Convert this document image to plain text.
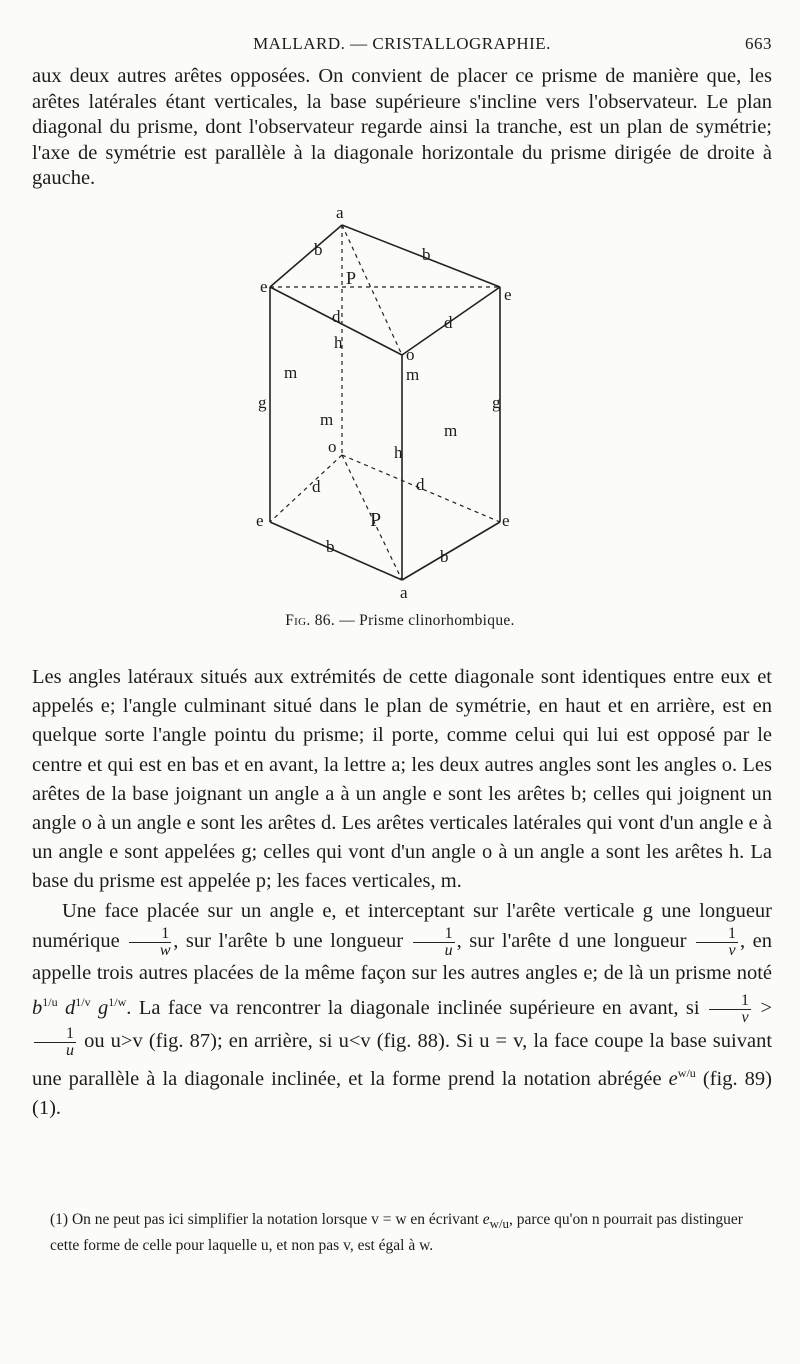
MALLARD. — CRISTALLOGRAPHIE.	663

aux deux autres arêtes opposées. On convient de placer ce prisme de manière que, les arêtes latérales étant verticales, la base supérieure s'incline vers l'observateur. Le plan diagonal du prisme, dont l'observateur regarde ainsi la tranche, est un plan de symétrie; l'axe de symétrie est parallèle à la diagonale horizontale du prisme dirigée de droite à gauche.

a
e	e
e	e
o
o
a
b	b
b
b
d	d
d	d
g	g
h
h
m	m
m
m
P
P
Fig. 86. — Prisme clinorhombique.

Les angles latéraux situés aux extrémités de cette diagonale sont identiques entre eux et appelés e; l'angle culminant situé dans le plan de symétrie, en haut et en arrière, est en quelque sorte l'angle pointu du prisme; il porte, comme celui qui lui est opposé par le centre et qui est en bas et en avant, la lettre a; les deux autres angles sont les angles o. Les arêtes de la base joignant un angle a à un angle e sont les arêtes b; celles qui joignent un angle o à un angle e sont les arêtes d. Les arêtes verticales latérales qui vont d'un angle e à un angle e sont appelées g; celles qui vont d'un angle o à un angle a sont les arêtes h. La base du prisme est appelée p; les faces verticales, m.

Une face placée sur un angle e, et interceptant sur l'arête verticale g une longueur numérique $\frac{1}{w}$ , sur l'arête b une longueur $\frac{1}{u}$ , sur l'arête d une longueur $\frac{1}{v}$ , en appelle trois autres placées de la même façon sur les autres angles e; de là un prisme noté $b^{1/u}$ $d^{1/v}$ $g^{1/w}$. La face va rencontrer la diagonale inclinée supérieure en avant, si $\frac{1}{v}$ >
$\frac{1}{u}$ ou u>v (fig. 87); en arrière, si u<v (fig. 88). Si u = v, la face coupe la base suivant une parallèle à la diagonale inclinée, et la forme prend la notation abrégée $e^{w/u}$ (fig. 89) (1).

(1) On ne peut pas ici simplifier la notation lorsque v = w en écrivant $e_{w/u}$, parce qu'on n pourrait pas distinguer cette forme de celle pour laquelle u, et non pas v, est égal à w.
